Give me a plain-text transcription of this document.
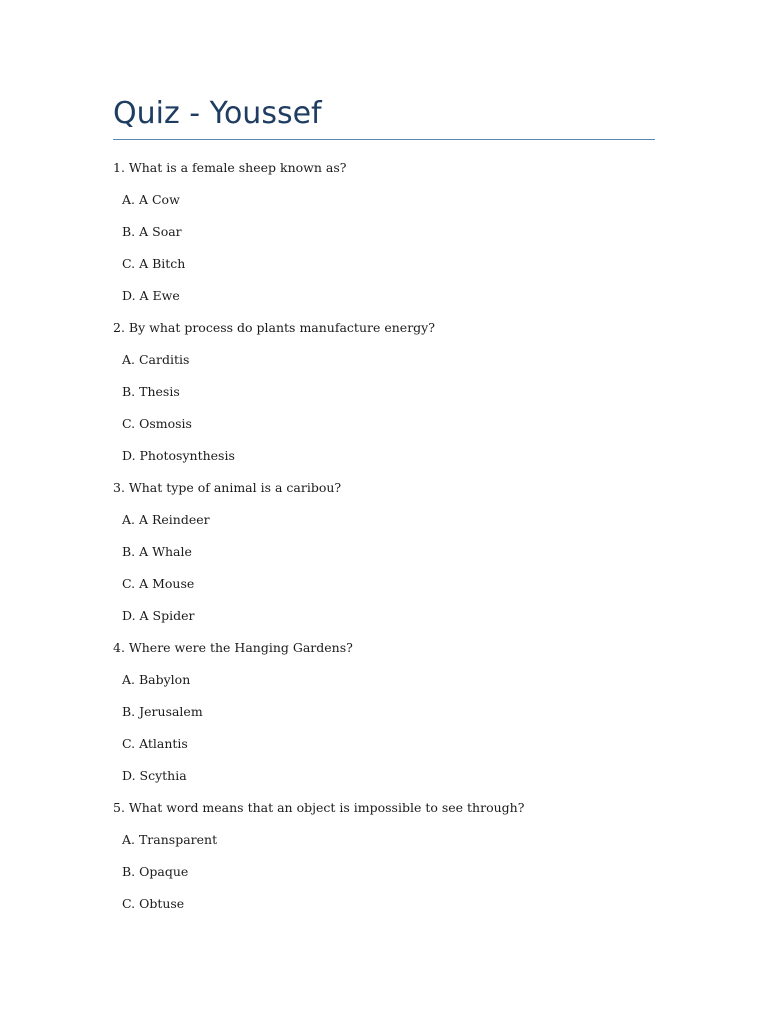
Quiz - Youssef
1. What is a female sheep known as?
A. A Cow
B. A Soar
C. A Bitch
D. A Ewe
2. By what process do plants manufacture energy?
A. Carditis
B. Thesis
C. Osmosis
D. Photosynthesis
3. What type of animal is a caribou?
A. A Reindeer
B. A Whale
C. A Mouse
D. A Spider
4. Where were the Hanging Gardens?
A. Babylon
B. Jerusalem
C. Atlantis
D. Scythia
5. What word means that an object is impossible to see through?
A. Transparent
B. Opaque
C. Obtuse
